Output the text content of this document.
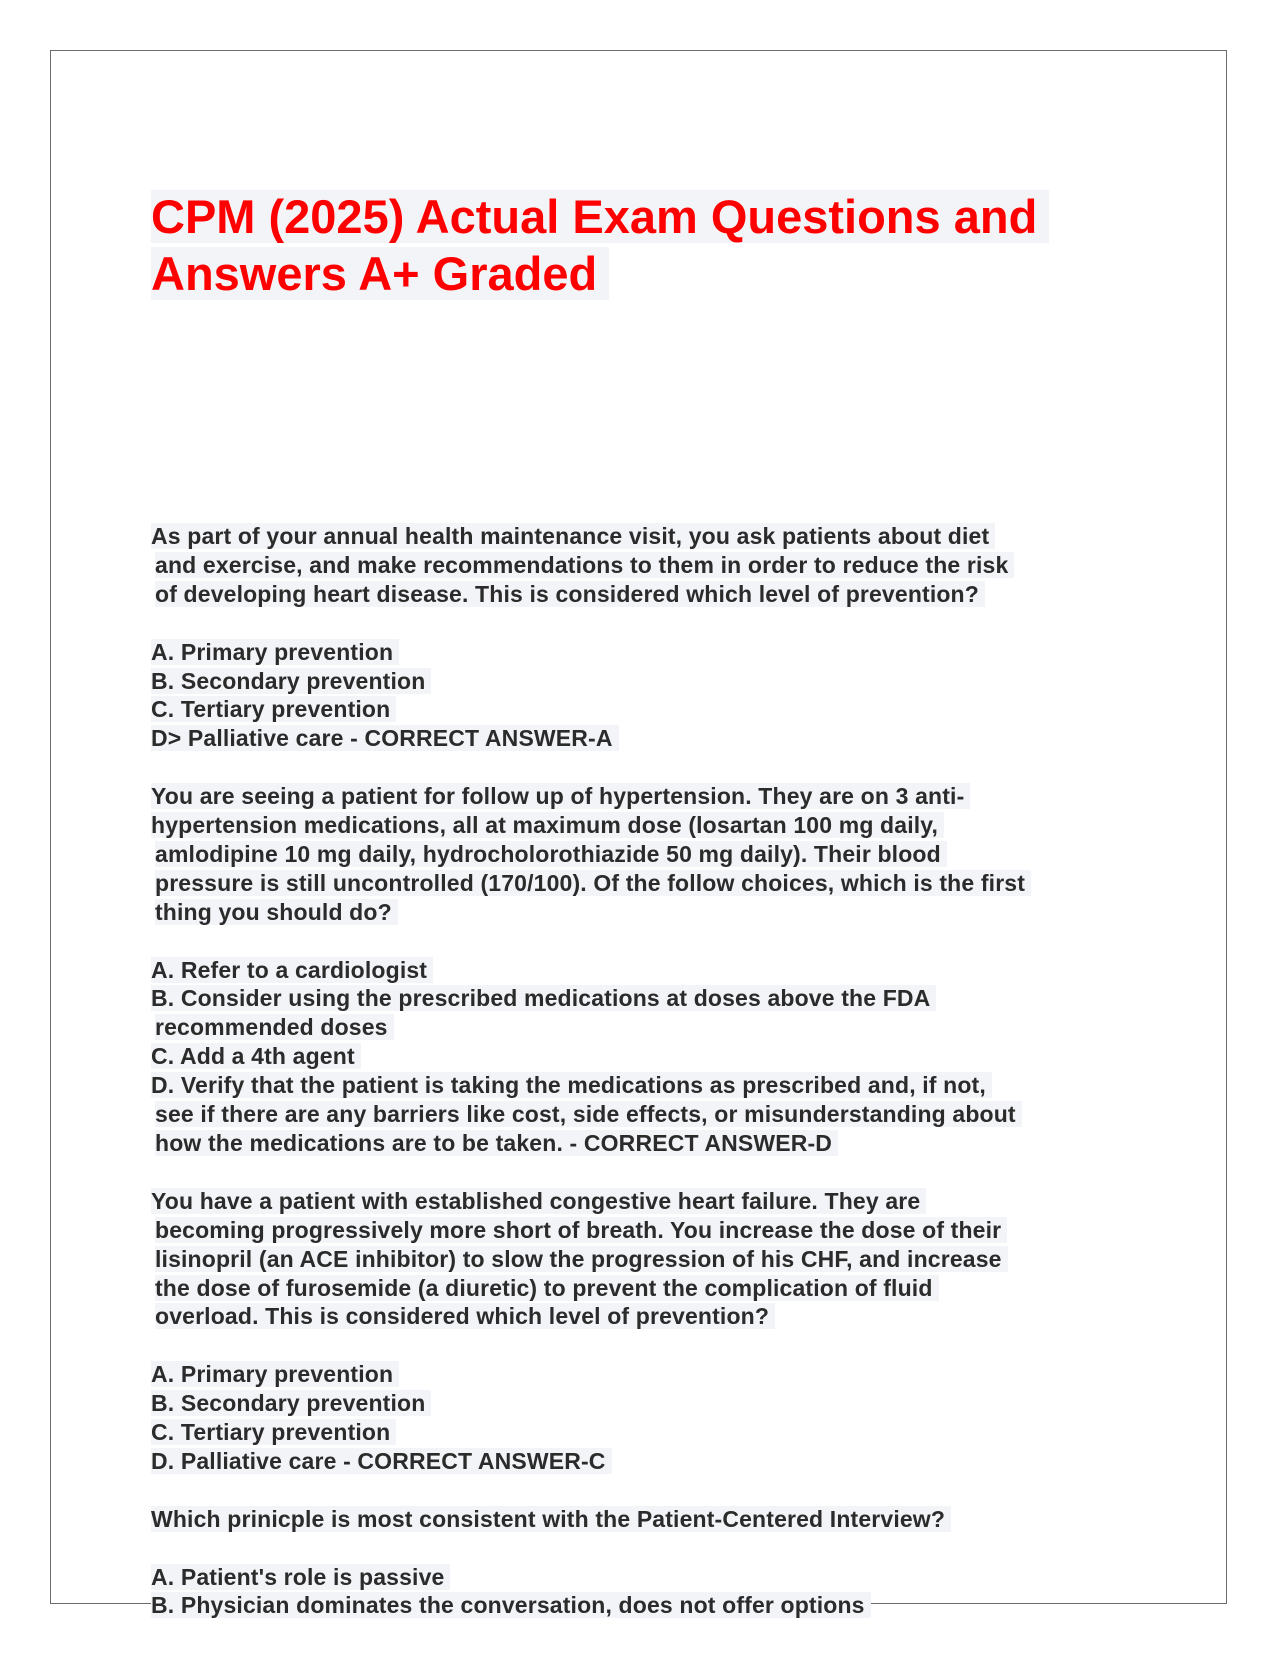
CPM (2025) Actual Exam Questions and
Answers A+ Graded
As part of your annual health maintenance visit, you ask patients about diet
and exercise, and make recommendations to them in order to reduce the risk
of developing heart disease. This is considered which level of prevention?
A. Primary prevention
B. Secondary prevention
C. Tertiary prevention
D> Palliative care - CORRECT ANSWER-A
You are seeing a patient for follow up of hypertension. They are on 3 anti-
hypertension medications, all at maximum dose (losartan 100 mg daily,
amlodipine 10 mg daily, hydrocholorothiazide 50 mg daily). Their blood
pressure is still uncontrolled (170/100). Of the follow choices, which is the first
thing you should do?
A. Refer to a cardiologist
B. Consider using the prescribed medications at doses above the FDA
recommended doses
C. Add a 4th agent
D. Verify that the patient is taking the medications as prescribed and, if not,
see if there are any barriers like cost, side effects, or misunderstanding about
how the medications are to be taken. - CORRECT ANSWER-D
You have a patient with established congestive heart failure. They are
becoming progressively more short of breath. You increase the dose of their
lisinopril (an ACE inhibitor) to slow the progression of his CHF, and increase
the dose of furosemide (a diuretic) to prevent the complication of fluid
overload. This is considered which level of prevention?
A. Primary prevention
B. Secondary prevention
C. Tertiary prevention
D. Palliative care - CORRECT ANSWER-C
Which prinicple is most consistent with the Patient-Centered Interview?
A. Patient's role is passive
B. Physician dominates the conversation, does not offer options
